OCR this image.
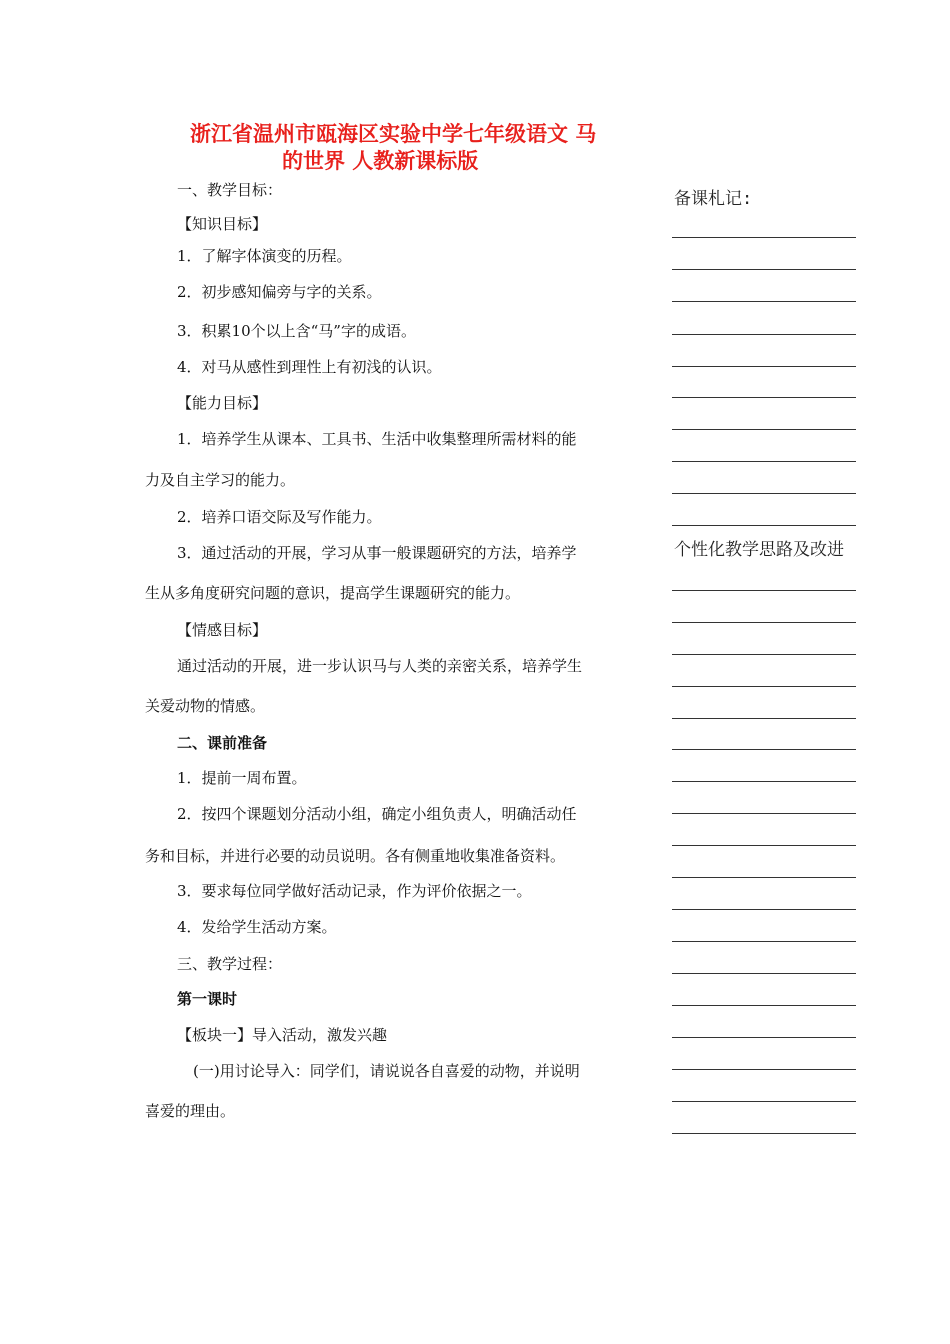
浙江省温州市瓯海区实验中学七年级语文 马
的世界 人教新课标版
一、教学目标：
【知识目标】
1．了解字体演变的历程。
2．初步感知偏旁与字的关系。
3．积累10个以上含“马”字的成语。
4．对马从感性到理性上有初浅的认识。
【能力目标】
1．培养学生从课本、工具书、生活中收集整理所需材料的能
力及自主学习的能力。
2．培养口语交际及写作能力。
3．通过活动的开展，学习从事一般课题研究的方法，培养学
生从多角度研究问题的意识，提高学生课题研究的能力。
【情感目标】
通过活动的开展，进一步认识马与人类的亲密关系，培养学生
关爱动物的情感。
二、课前准备
1．提前一周布置。
2．按四个课题划分活动小组，确定小组负责人，明确活动任
务和目标，并进行必要的动员说明。各有侧重地收集准备资料。
3．要求每位同学做好活动记录，作为评价依据之一。
4．发给学生活动方案。
三、教学过程：
第一课时
【板块一】导入活动，激发兴趣
(一)用讨论导入：同学们，请说说各自喜爱的动物，并说明
喜爱的理由。
备课札记:
个性化教学思路及改进
